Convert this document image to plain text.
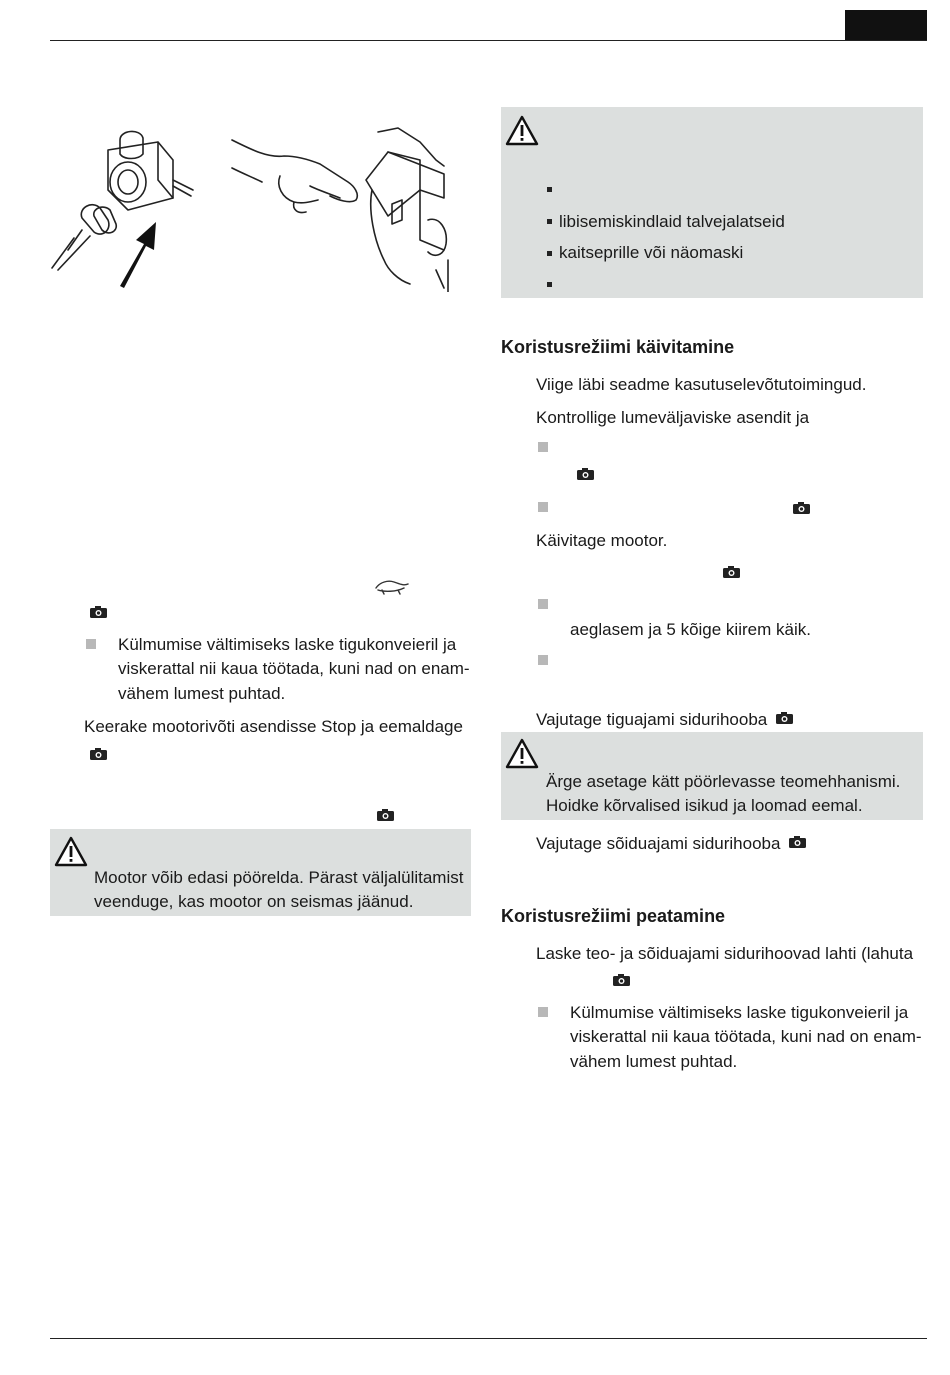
Külmumise vältimiseks laske tigukonveieril ja
viskerattal nii kaua töötada, kuni nad on enam-
vähem lumest puhtad.
Keerake mootorivõti asendisse Stop ja eemaldage
Mootor võib edasi pöörelda. Pärast väljalülitamist
veenduge, kas mootor on seismas jäänud.
libisemiskindlaid talvejalatseid
kaitseprille või näomaski
Koristusrežiimi käivitamine
Viige läbi seadme kasutuselevõtutoimingud.
Kontrollige lumeväljaviske asendit ja
Käivitage mootor.
aeglasem ja 5 kõige kiirem käik.
Vajutage tiguajami sidurihooba
Ärge asetage kätt pöörlevasse teomehhanismi.
Hoidke kõrvalised isikud ja loomad eemal.
Vajutage sõiduajami sidurihooba
Koristusrežiimi peatamine
Laske teo- ja sõiduajami sidurihoovad lahti (lahuta
Külmumise vältimiseks laske tigukonveieril ja
viskerattal nii kaua töötada, kuni nad on enam-
vähem lumest puhtad.
